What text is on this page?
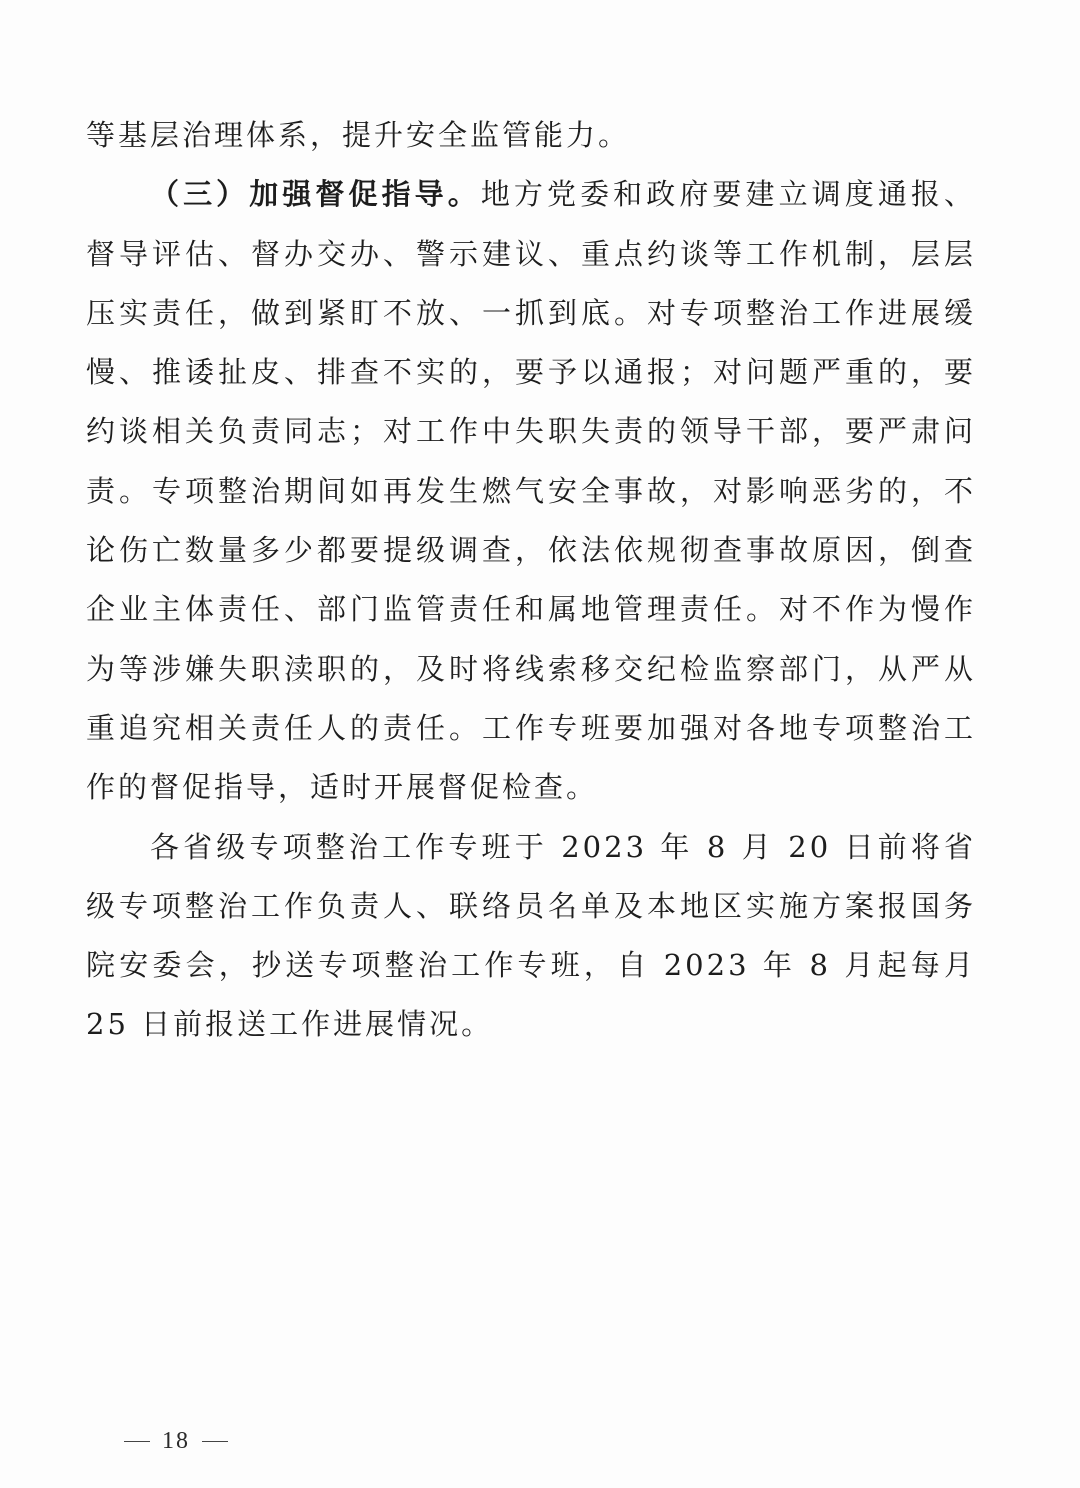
等基层治理体系，提升安全监管能力。

（三）加强督促指导。地方党委和政府要建立调度通报、督导评估、督办交办、警示建议、重点约谈等工作机制，层层压实责任，做到紧盯不放、一抓到底。对专项整治工作进展缓慢、推诿扯皮、排查不实的，要予以通报；对问题严重的，要约谈相关负责同志；对工作中失职失责的领导干部，要严肃问责。专项整治期间如再发生燃气安全事故，对影响恶劣的，不论伤亡数量多少都要提级调查，依法依规彻查事故原因，倒查企业主体责任、部门监管责任和属地管理责任。对不作为慢作为等涉嫌失职渎职的，及时将线索移交纪检监察部门，从严从重追究相关责任人的责任。工作专班要加强对各地专项整治工作的督促指导，适时开展督促检查。

各省级专项整治工作专班于 2023 年 8 月 20 日前将省级专项整治工作负责人、联络员名单及本地区实施方案报国务院安委会，抄送专项整治工作专班，自 2023 年 8 月起每月 25 日前报送工作进展情况。

18
